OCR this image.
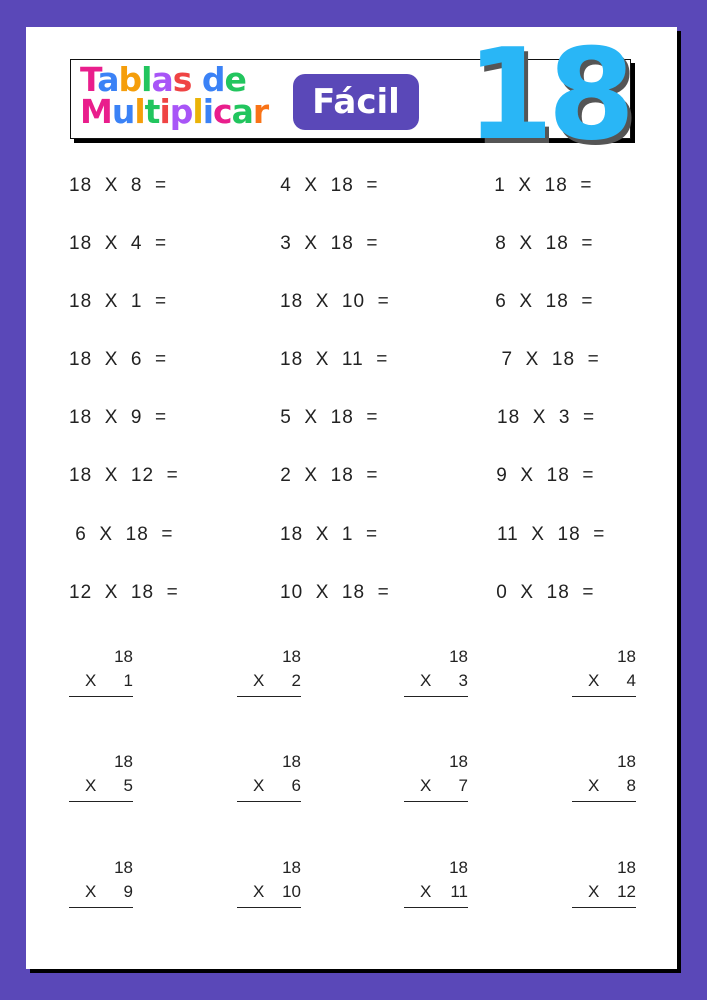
Tablas de
Multiplicar	Fácil 18
18  X  8  =
18  X  4  =
18  X  1  =
18  X  6  =
18  X  9  =
18  X  12  =
6  X  18  =
12  X  18  =
4  X  18  =
3  X  18  =
18  X  10  =
18  X  11  =
5  X  18  =
2  X  18  =
18  X  1  =
10  X  18  =
1  X  18  =
8  X  18  =
6  X  18  =
7  X  18  =
18  X  3  =
9  X  18  =
11  X  18  =
0  X  18  =
18
X 1
18
X 2
18
X 3
18
X 4
18
X 5
18
X 6
18
X 7
18
X 8
18
X 9
18
X 10
18
X 11
18
X 12
